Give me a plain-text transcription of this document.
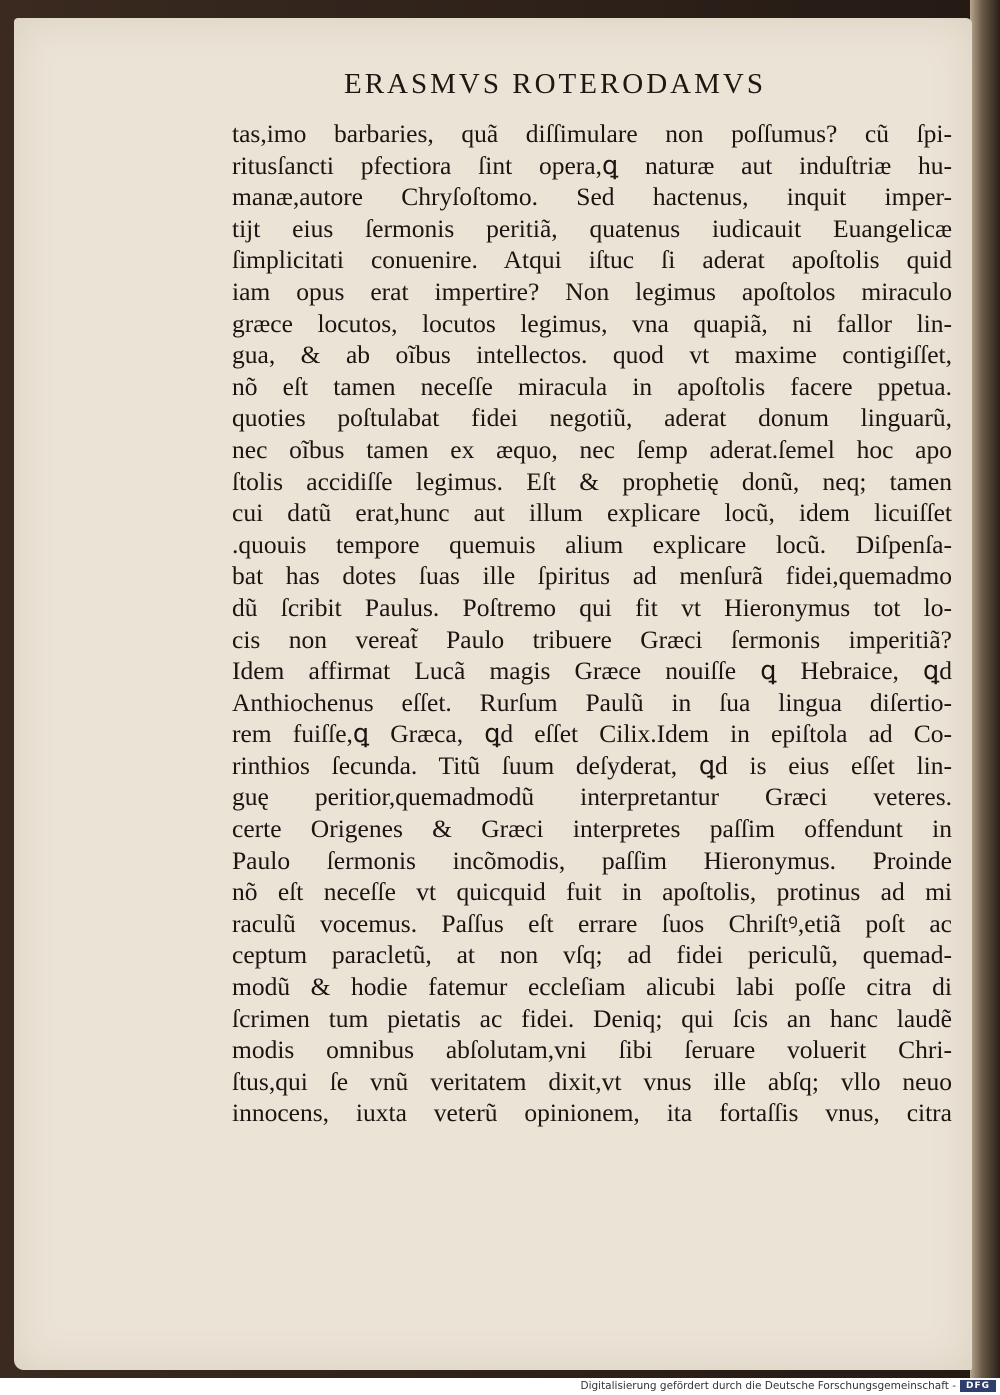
ERASMVS ROTERODAMVS
tas,imo barbaries, quã diſſimulare non poſſumus? cũ ſpi-
ritusſancti pfectiora ſint opera,ꝗ naturæ aut induſtriæ hu-
manæ,autore Chryſoſtomo. Sed hactenus, inquit imper-
tijt eius ſermonis peritiã, quatenus iudicauit Euangelicæ
ſimplicitati conuenire. Atqui iſtuc ſi aderat apoſtolis quid
iam opus erat impertire? Non legimus apoſtolos miraculo
græce locutos, locutos legimus, vna quapiã, ni fallor lin-
gua, & ab oĩbus intellectos. quod vt maxime contigiſſet,
nõ eſt tamen neceſſe miracula in apoſtolis facere ppetua.
quoties poſtulabat fidei negotiũ, aderat donum linguarũ,
nec oĩbus tamen ex æquo, nec ſemp aderat.ſemel hoc apo
ſtolis accidiſſe legimus. Eſt & prophetię donũ, neq; tamen
cui datũ erat,hunc aut illum explicare locũ, idem licuiſſet
.quouis tempore quemuis alium explicare locũ. Diſpenſa-
bat has dotes ſuas ille ſpiritus ad menſurã fidei,quemadmo
dũ ſcribit Paulus. Poſtremo qui fit vt Hieronymus tot lo-
cis non vereat̃ Paulo tribuere Græci ſermonis imperitiã?
Idem affirmat Lucã magis Græce nouiſſe ꝗ Hebraice, ꝗd
Anthiochenus eſſet. Rurſum Paulũ in ſua lingua diſertio-
rem fuiſſe,ꝗ Græca, ꝗd eſſet Cilix.Idem in epiſtola ad Co-
rinthios ſecunda. Titũ ſuum deſyderat, ꝗd is eius eſſet lin-
guę peritior,quemadmodũ interpretantur Græci veteres.
certe Origenes & Græci interpretes paſſim offendunt in
Paulo ſermonis incõmodis, paſſim Hieronymus. Proinde
nõ eſt neceſſe vt quicquid fuit in apoſtolis, protinus ad mi
raculũ vocemus. Paſſus eſt errare ſuos Chriſtꝰ,etiã poſt ac
ceptum paracletũ, at non vſq; ad fidei periculũ, quemad-
modũ & hodie fatemur eccleſiam alicubi labi poſſe citra di
ſcrimen tum pietatis ac fidei. Deniq; qui ſcis an hanc laudẽ
modis omnibus abſolutam,vni ſibi ſeruare voluerit Chri-
ſtus,qui ſe vnũ veritatem dixit,vt vnus ille abſq; vllo neuo
innocens, iuxta veterũ opinionem, ita fortaſſis vnus, citra
Digitalisierung gefördert durch die Deutsche Forschungsgemeinschaft -	DFG
